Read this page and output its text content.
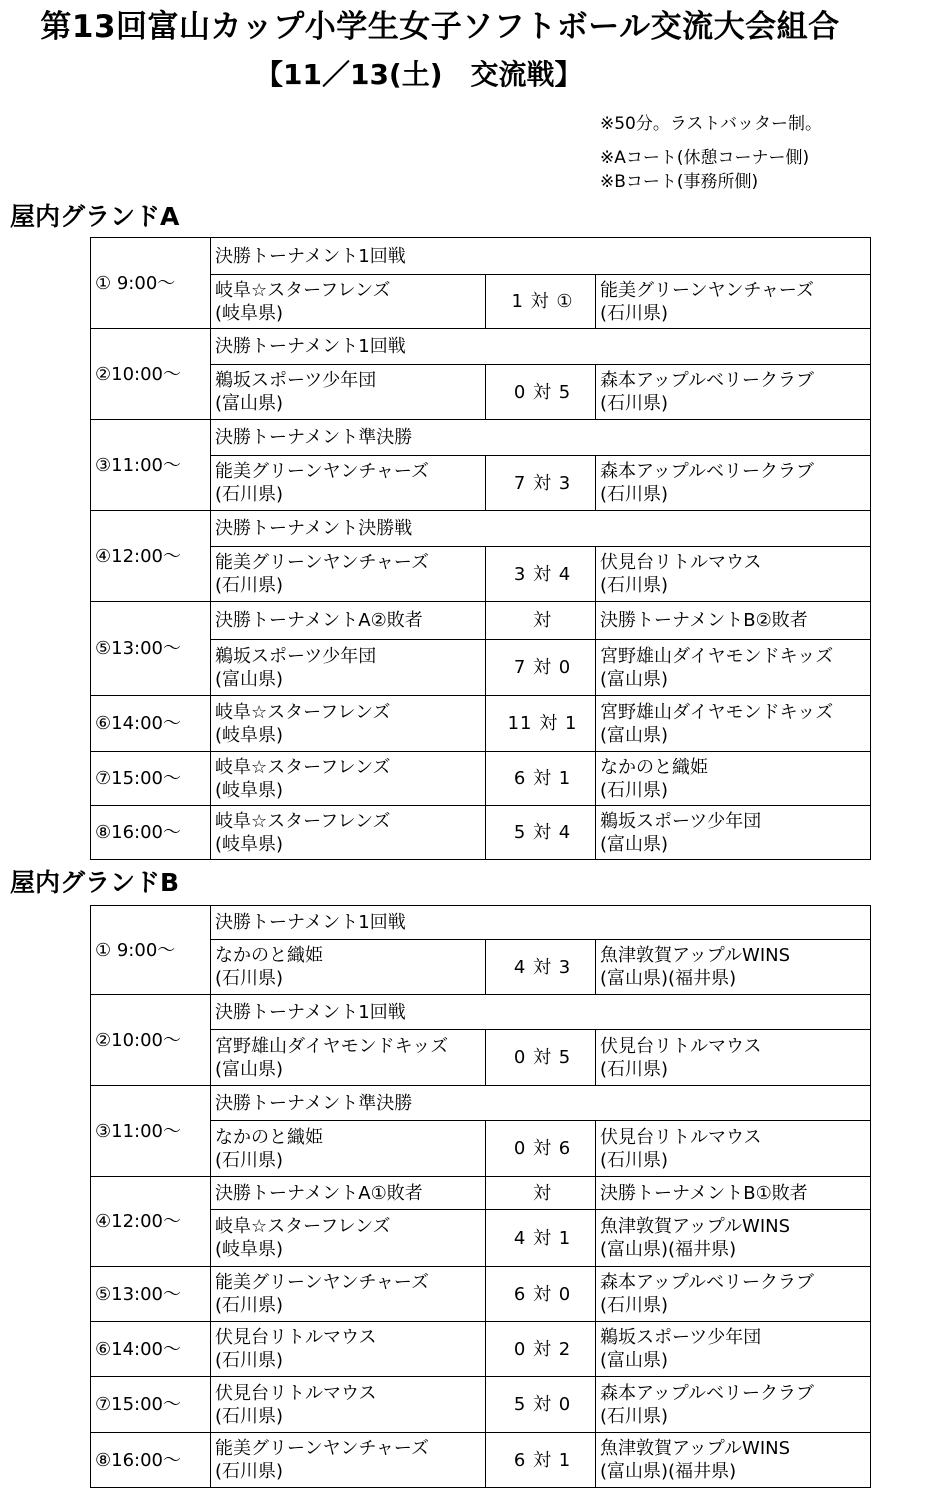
第13回富山カップ小学生女子ソフトボール交流大会組合
【11／13(土)　交流戦】
※50分。ラストバッター制。
※Aコート(休憩コーナー側)
※Bコート(事務所側)
屋内グランドA
① 9:00～	決勝トーナメント1回戦		

	岐阜☆スターフレンズ
(岐阜県)	1 対 ①	能美グリーンヤンチャーズ
(石川県)

②10:00～	決勝トーナメント1回戦		

	鵜坂スポーツ少年団
(富山県)	0 対 5	森本アップルベリークラブ
(石川県)

③11:00～	決勝トーナメント準決勝		

	能美グリーンヤンチャーズ
(石川県)	7 対 3	森本アップルベリークラブ
(石川県)

④12:00～	決勝トーナメント決勝戦		

	能美グリーンヤンチャーズ
(石川県)	3 対 4	伏見台リトルマウス
(石川県)

⑤13:00～	決勝トーナメントA②敗者	対	決勝トーナメントB②敗者

	鵜坂スポーツ少年団
(富山県)	7 対 0	宮野雄山ダイヤモンドキッズ
(富山県)

⑥14:00～	岐阜☆スターフレンズ
(岐阜県)	11 対 1	宮野雄山ダイヤモンドキッズ
(富山県)

⑦15:00～	岐阜☆スターフレンズ
(岐阜県)	6 対 1	なかのと織姫
(石川県)

⑧16:00～	岐阜☆スターフレンズ
(岐阜県)	5 対 4	鵜坂スポーツ少年団
(富山県)
屋内グランドB
① 9:00～	決勝トーナメント1回戦		

	なかのと織姫
(石川県)	4 対 3	魚津敦賀アップルWINS
(富山県)(福井県)

②10:00～	決勝トーナメント1回戦		

	宮野雄山ダイヤモンドキッズ
(富山県)	0 対 5	伏見台リトルマウス
(石川県)

③11:00～	決勝トーナメント準決勝		

	なかのと織姫
(石川県)	0 対 6	伏見台リトルマウス
(石川県)

④12:00～	決勝トーナメントA①敗者	対	決勝トーナメントB①敗者

	岐阜☆スターフレンズ
(岐阜県)	4 対 1	魚津敦賀アップルWINS
(富山県)(福井県)

⑤13:00～	能美グリーンヤンチャーズ
(石川県)	6 対 0	森本アップルベリークラブ
(石川県)

⑥14:00～	伏見台リトルマウス
(石川県)	0 対 2	鵜坂スポーツ少年団
(富山県)

⑦15:00～	伏見台リトルマウス
(石川県)	5 対 0	森本アップルベリークラブ
(石川県)

⑧16:00～	能美グリーンヤンチャーズ
(石川県)	6 対 1	魚津敦賀アップルWINS
(富山県)(福井県)
